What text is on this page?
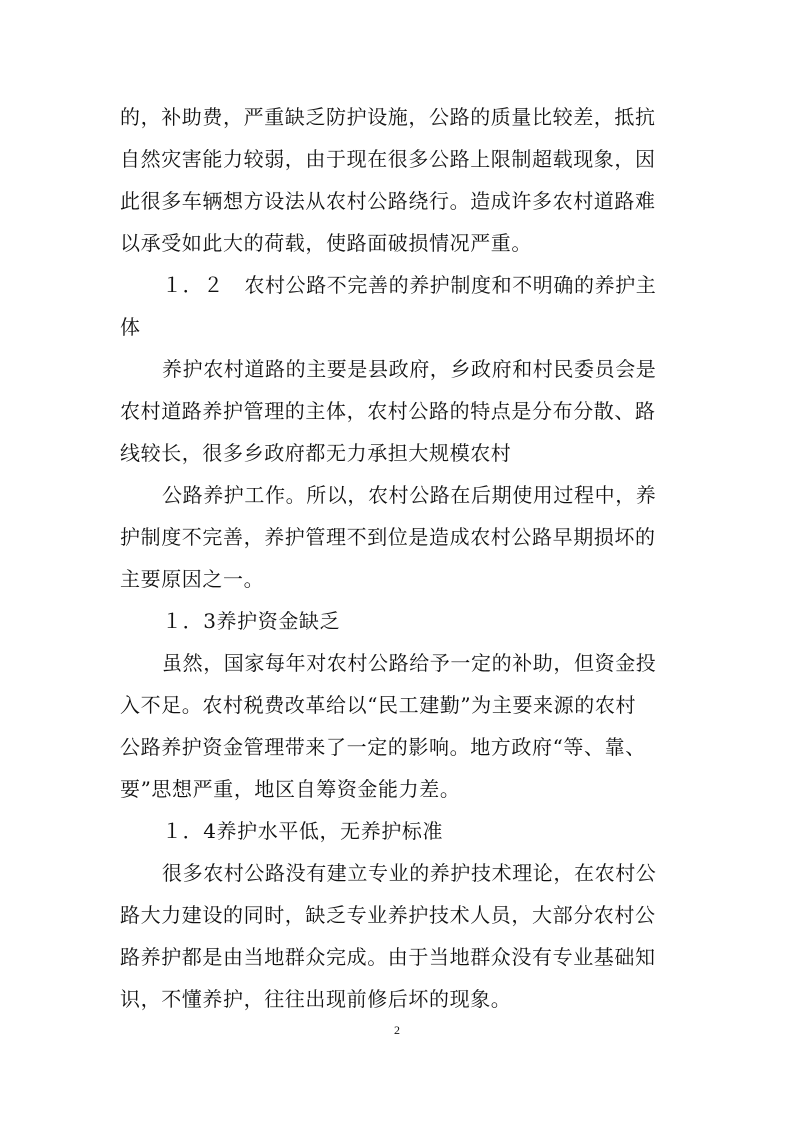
的，补助费，严重缺乏防护设施，公路的质量比较差，抵抗
自然灾害能力较弱，由于现在很多公路上限制超载现象，因
此很多车辆想方设法从农村公路绕行。造成许多农村道路难
以承受如此大的荷载，使路面破损情况严重。
１．２　农村公路不完善的养护制度和不明确的养护主
体
养护农村道路的主要是县政府，乡政府和村民委员会是
农村道路养护管理的主体，农村公路的特点是分布分散、路
线较长，很多乡政府都无力承担大规模农村
公路养护工作。所以，农村公路在后期使用过程中，养
护制度不完善，养护管理不到位是造成农村公路早期损坏的
主要原因之一。
１．3养护资金缺乏
虽然，国家每年对农村公路给予一定的补助，但资金投
入不足。农村税费改革给以“民工建勤”为主要来源的农村
公路养护资金管理带来了一定的影响。地方政府“等、靠、
要”思想严重，地区自筹资金能力差。
１．4养护水平低，无养护标准
很多农村公路没有建立专业的养护技术理论，在农村公
路大力建设的同时，缺乏专业养护技术人员，大部分农村公
路养护都是由当地群众完成。由于当地群众没有专业基础知
识，不懂养护，往往出现前修后坏的现象。
2
